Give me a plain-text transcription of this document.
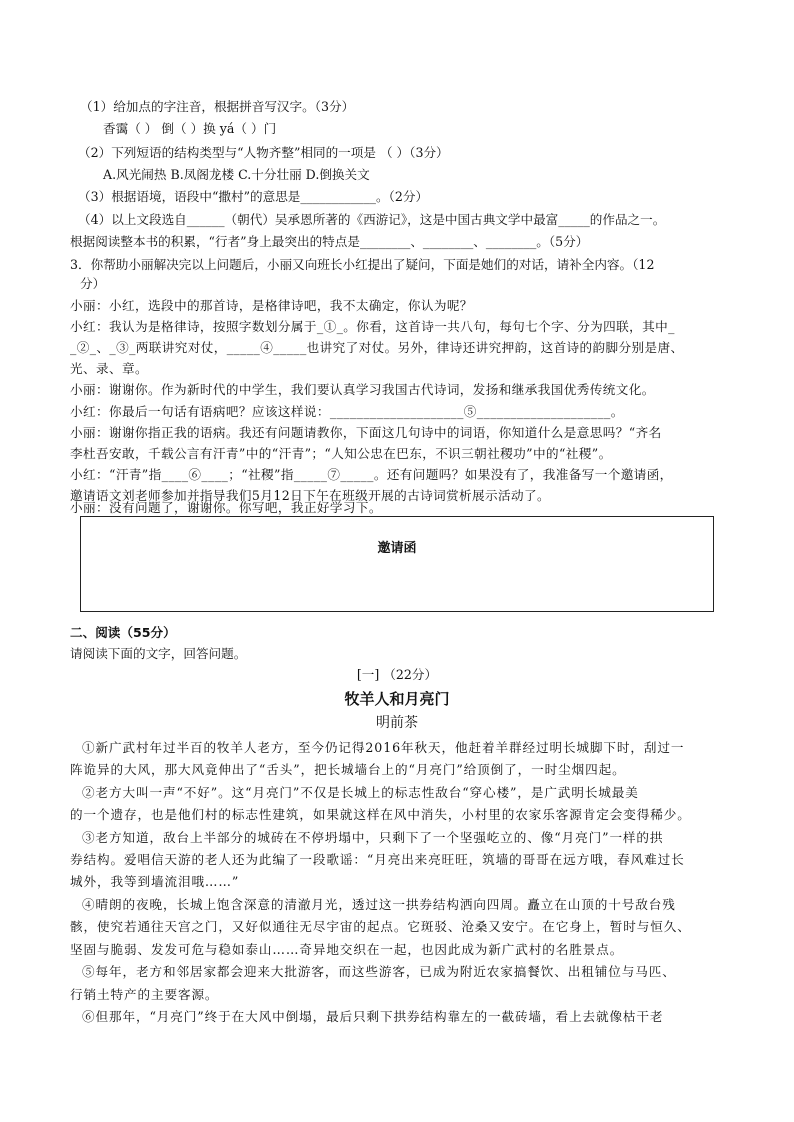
（1）给加点的字注音，根据拼音写汉字。（3分）
香霭（ ） 倒（ ）换 yá（ ）门
（2）下列短语的结构类型与“人物齐整”相同的一项是 （ ）（3分）
A.风光闹热 B.凤阁龙楼 C.十分壮丽 D.倒换关文
（3）根据语境，语段中“撒村”的意思是____________。（2分）
（4）以上文段选自______（朝代）吴承恩所著的《西游记》，这是中国古典文学中最富_____的作品之一。
根据阅读整本书的积累，“行者”身上最突出的特点是________、________、________。（5分）
3．你帮助小丽解决完以上问题后，小丽又向班长小红提出了疑问，下面是她们的对话，请补全内容。（12
分）
小丽：小红，选段中的那首诗，是格律诗吧，我不太确定，你认为呢？
小红：我认为是格律诗，按照字数划分属于_①_。你看，这首诗一共八句，每句七个字、分为四联，其中_
_②_、_③_两联讲究对仗，_____④_____也讲究了对仗。另外，律诗还讲究押韵，这首诗的韵脚分别是唐、
光、录、章。
小丽：谢谢你。作为新时代的中学生，我们要认真学习我国古代诗词，发扬和继承我国优秀传统文化。
小红：你最后一句话有语病吧？应该这样说：____________________⑤____________________。
小丽：谢谢你指正我的语病。我还有问题请教你，下面这几句诗中的词语，你知道什么是意思吗？“齐名
李杜吾安敢，千载公言有汗青”中的“汗青”；“人知公忠在巴东，不识三朝社稷功”中的“社稷”。
小红：“汗青”指____⑥____；“社稷”指_____⑦_____。还有问题吗？如果没有了，我准备写一个邀请函，
邀请语文刘老师参加并指导我们5月12日下午在班级开展的古诗词赏析展示活动了。
小丽：没有问题了，谢谢你。你写吧，我正好学习下。
邀请函
二、阅读（55分）
请阅读下面的文字，回答问题。
[一] （22分）
牧羊人和月亮门
明前茶
①新广武村年过半百的牧羊人老方，至今仍记得2016年秋天，他赶着羊群经过明长城脚下时，刮过一
阵诡异的大风，那大风竟伸出了“舌头”，把长城墙台上的“月亮门”给顶倒了，一时尘烟四起。
②老方大叫一声“不好”。这“月亮门”不仅是长城上的标志性敌台“穿心楼”，是广武明长城最美
的一个遗存，也是他们村的标志性建筑，如果就这样在风中消失，小村里的农家乐客源肯定会变得稀少。
③老方知道，敌台上半部分的城砖在不停坍塌中，只剩下了一个坚强屹立的、像“月亮门”一样的拱
券结构。爱唱信天游的老人还为此编了一段歌谣：“月亮出来亮旺旺，筑墙的哥哥在远方哦，春风难过长
城外，我等到墙流泪哦……”
④晴朗的夜晚，长城上饱含深意的清澈月光，透过这一拱券结构洒向四周。矗立在山顶的十号敌台残
骸，使究若通往天宫之门，又好似通往无尽宇宙的起点。它斑驳、沧桑又安宁。在它身上，暂时与恒久、
坚固与脆弱、发发可危与稳如泰山……奇异地交织在一起，也因此成为新广武村的名胜景点。
⑤每年，老方和邻居家都会迎来大批游客，而这些游客，已成为附近农家搞餐饮、出租铺位与马匹、
行销土特产的主要客源。
⑥但那年，“月亮门”终于在大风中倒塌，最后只剩下拱券结构靠左的一截砖墙，看上去就像枯干老
